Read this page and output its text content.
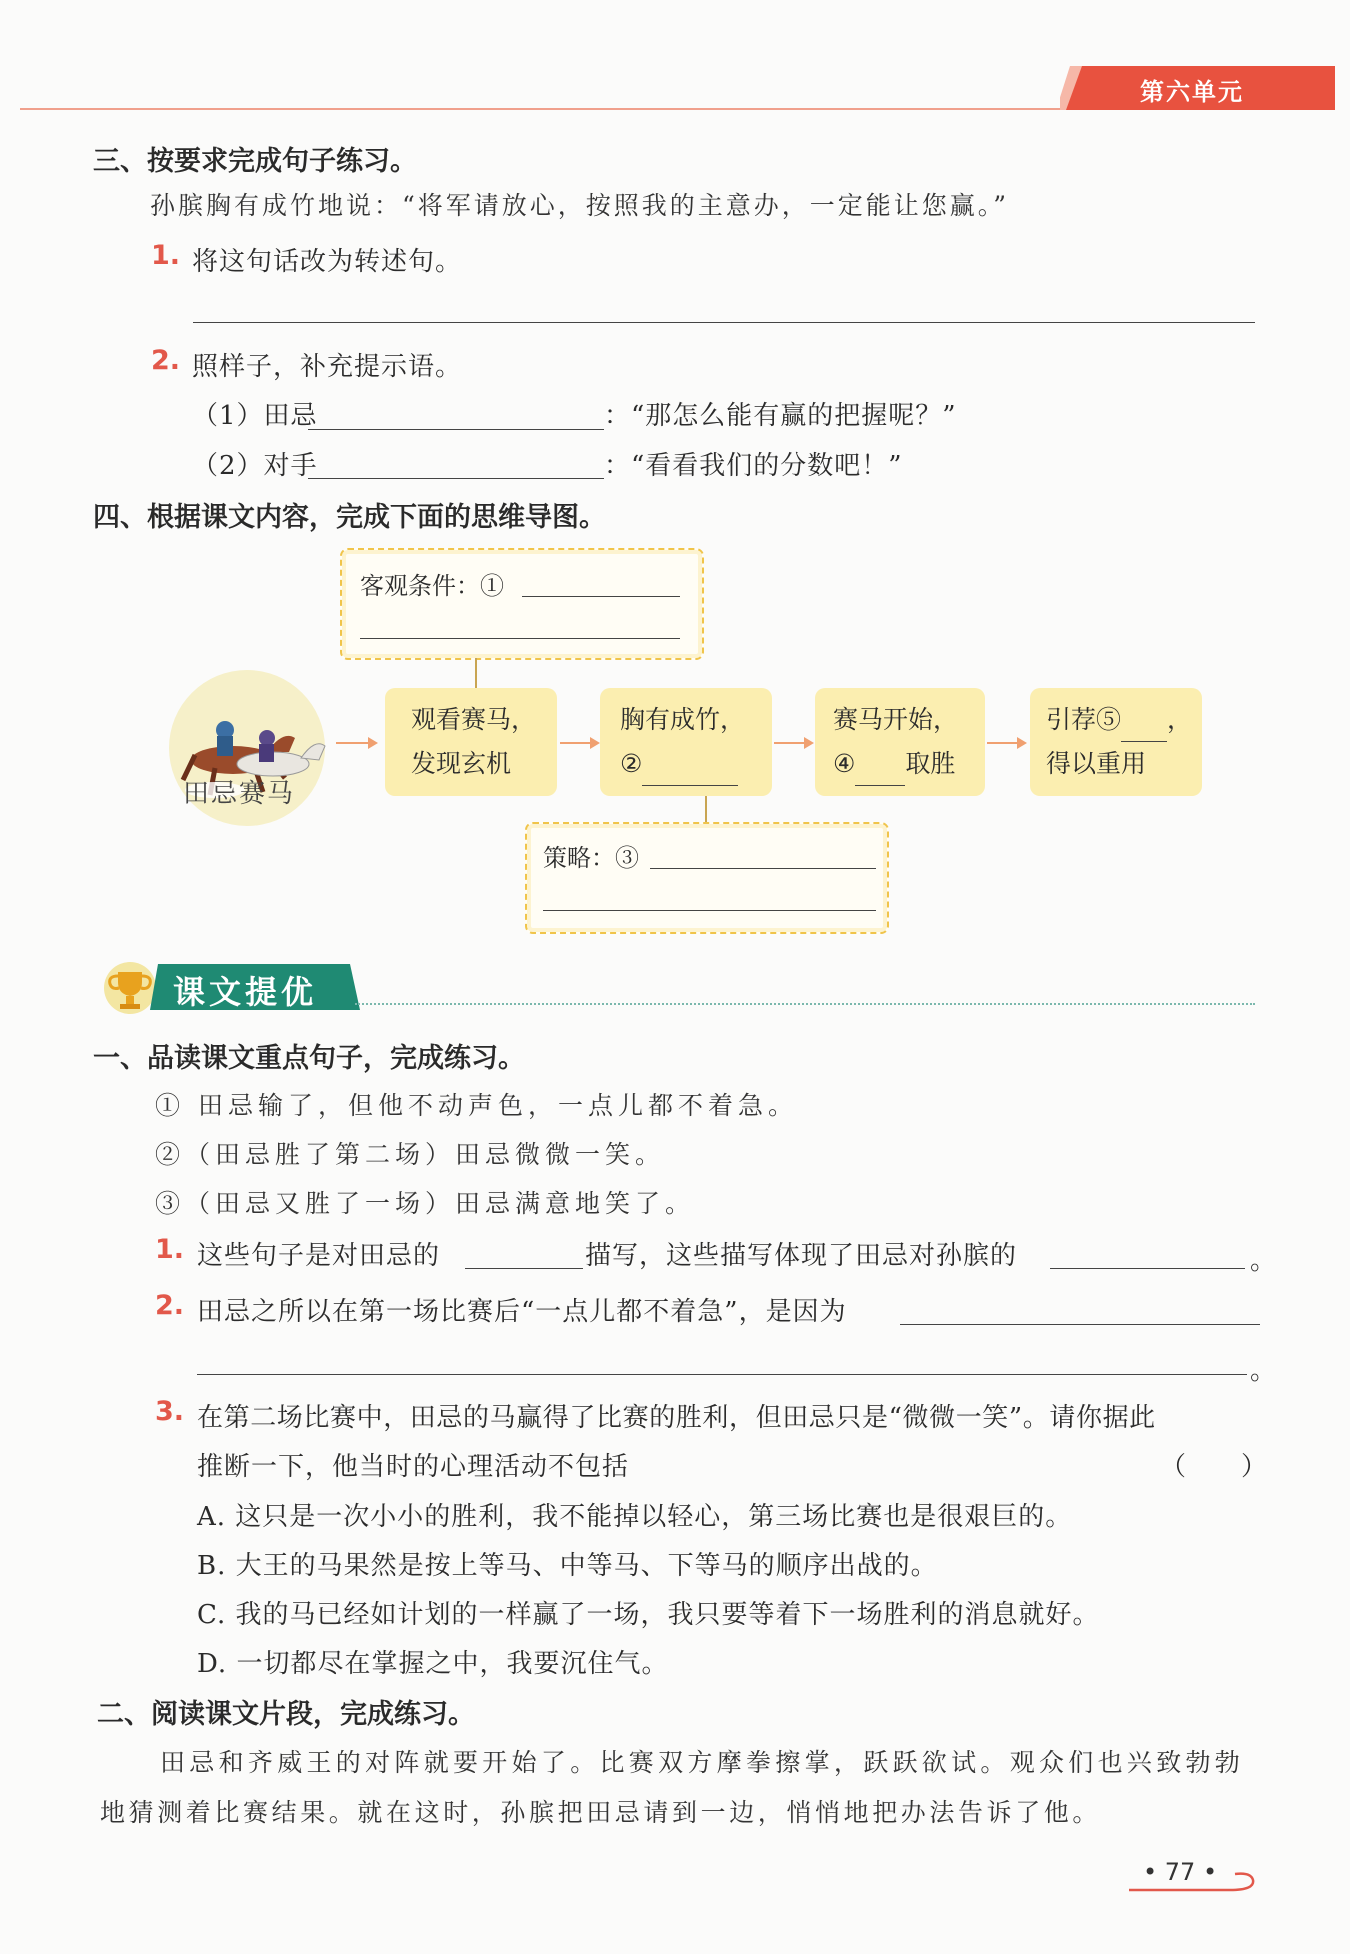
第六单元
三、按要求完成句子练习。
孙膑胸有成竹地说：“将军请放心，按照我的主意办，一定能让您赢。”
1. 将这句话改为转述句。
2. 照样子，补充提示语。
（1）田忌	：“那怎么能有赢的把握呢？”
（2）对手	：“看看我们的分数吧！”
四、根据课文内容，完成下面的思维导图。
客观条件：①
田忌赛马
观看赛马，
发现玄机
胸有成竹，
②
赛马开始，
④ 取胜
引荐⑤ ，
得以重用
策略：③
课文提优
一、品读课文重点句子，完成练习。
① 田忌输了，但他不动声色，一点儿都不着急。
②（田忌胜了第二场）田忌微微一笑。
③（田忌又胜了一场）田忌满意地笑了。
1. 这些句子是对田忌的	描写，这些描写体现了田忌对孙膑的	。
2. 田忌之所以在第一场比赛后“一点儿都不着急”，是因为
。
3. 在第二场比赛中，田忌的马赢得了比赛的胜利，但田忌只是“微微一笑”。请你据此
推断一下，他当时的心理活动不包括	（　　）
A. 这只是一次小小的胜利，我不能掉以轻心，第三场比赛也是很艰巨的。
B. 大王的马果然是按上等马、中等马、下等马的顺序出战的。
C. 我的马已经如计划的一样赢了一场，我只要等着下一场胜利的消息就好。
D. 一切都尽在掌握之中，我要沉住气。
二、阅读课文片段，完成练习。
田忌和齐威王的对阵就要开始了。比赛双方摩拳擦掌，跃跃欲试。观众们也兴致勃勃
地猜测着比赛结果。就在这时，孙膑把田忌请到一边，悄悄地把办法告诉了他。
• 77 •
